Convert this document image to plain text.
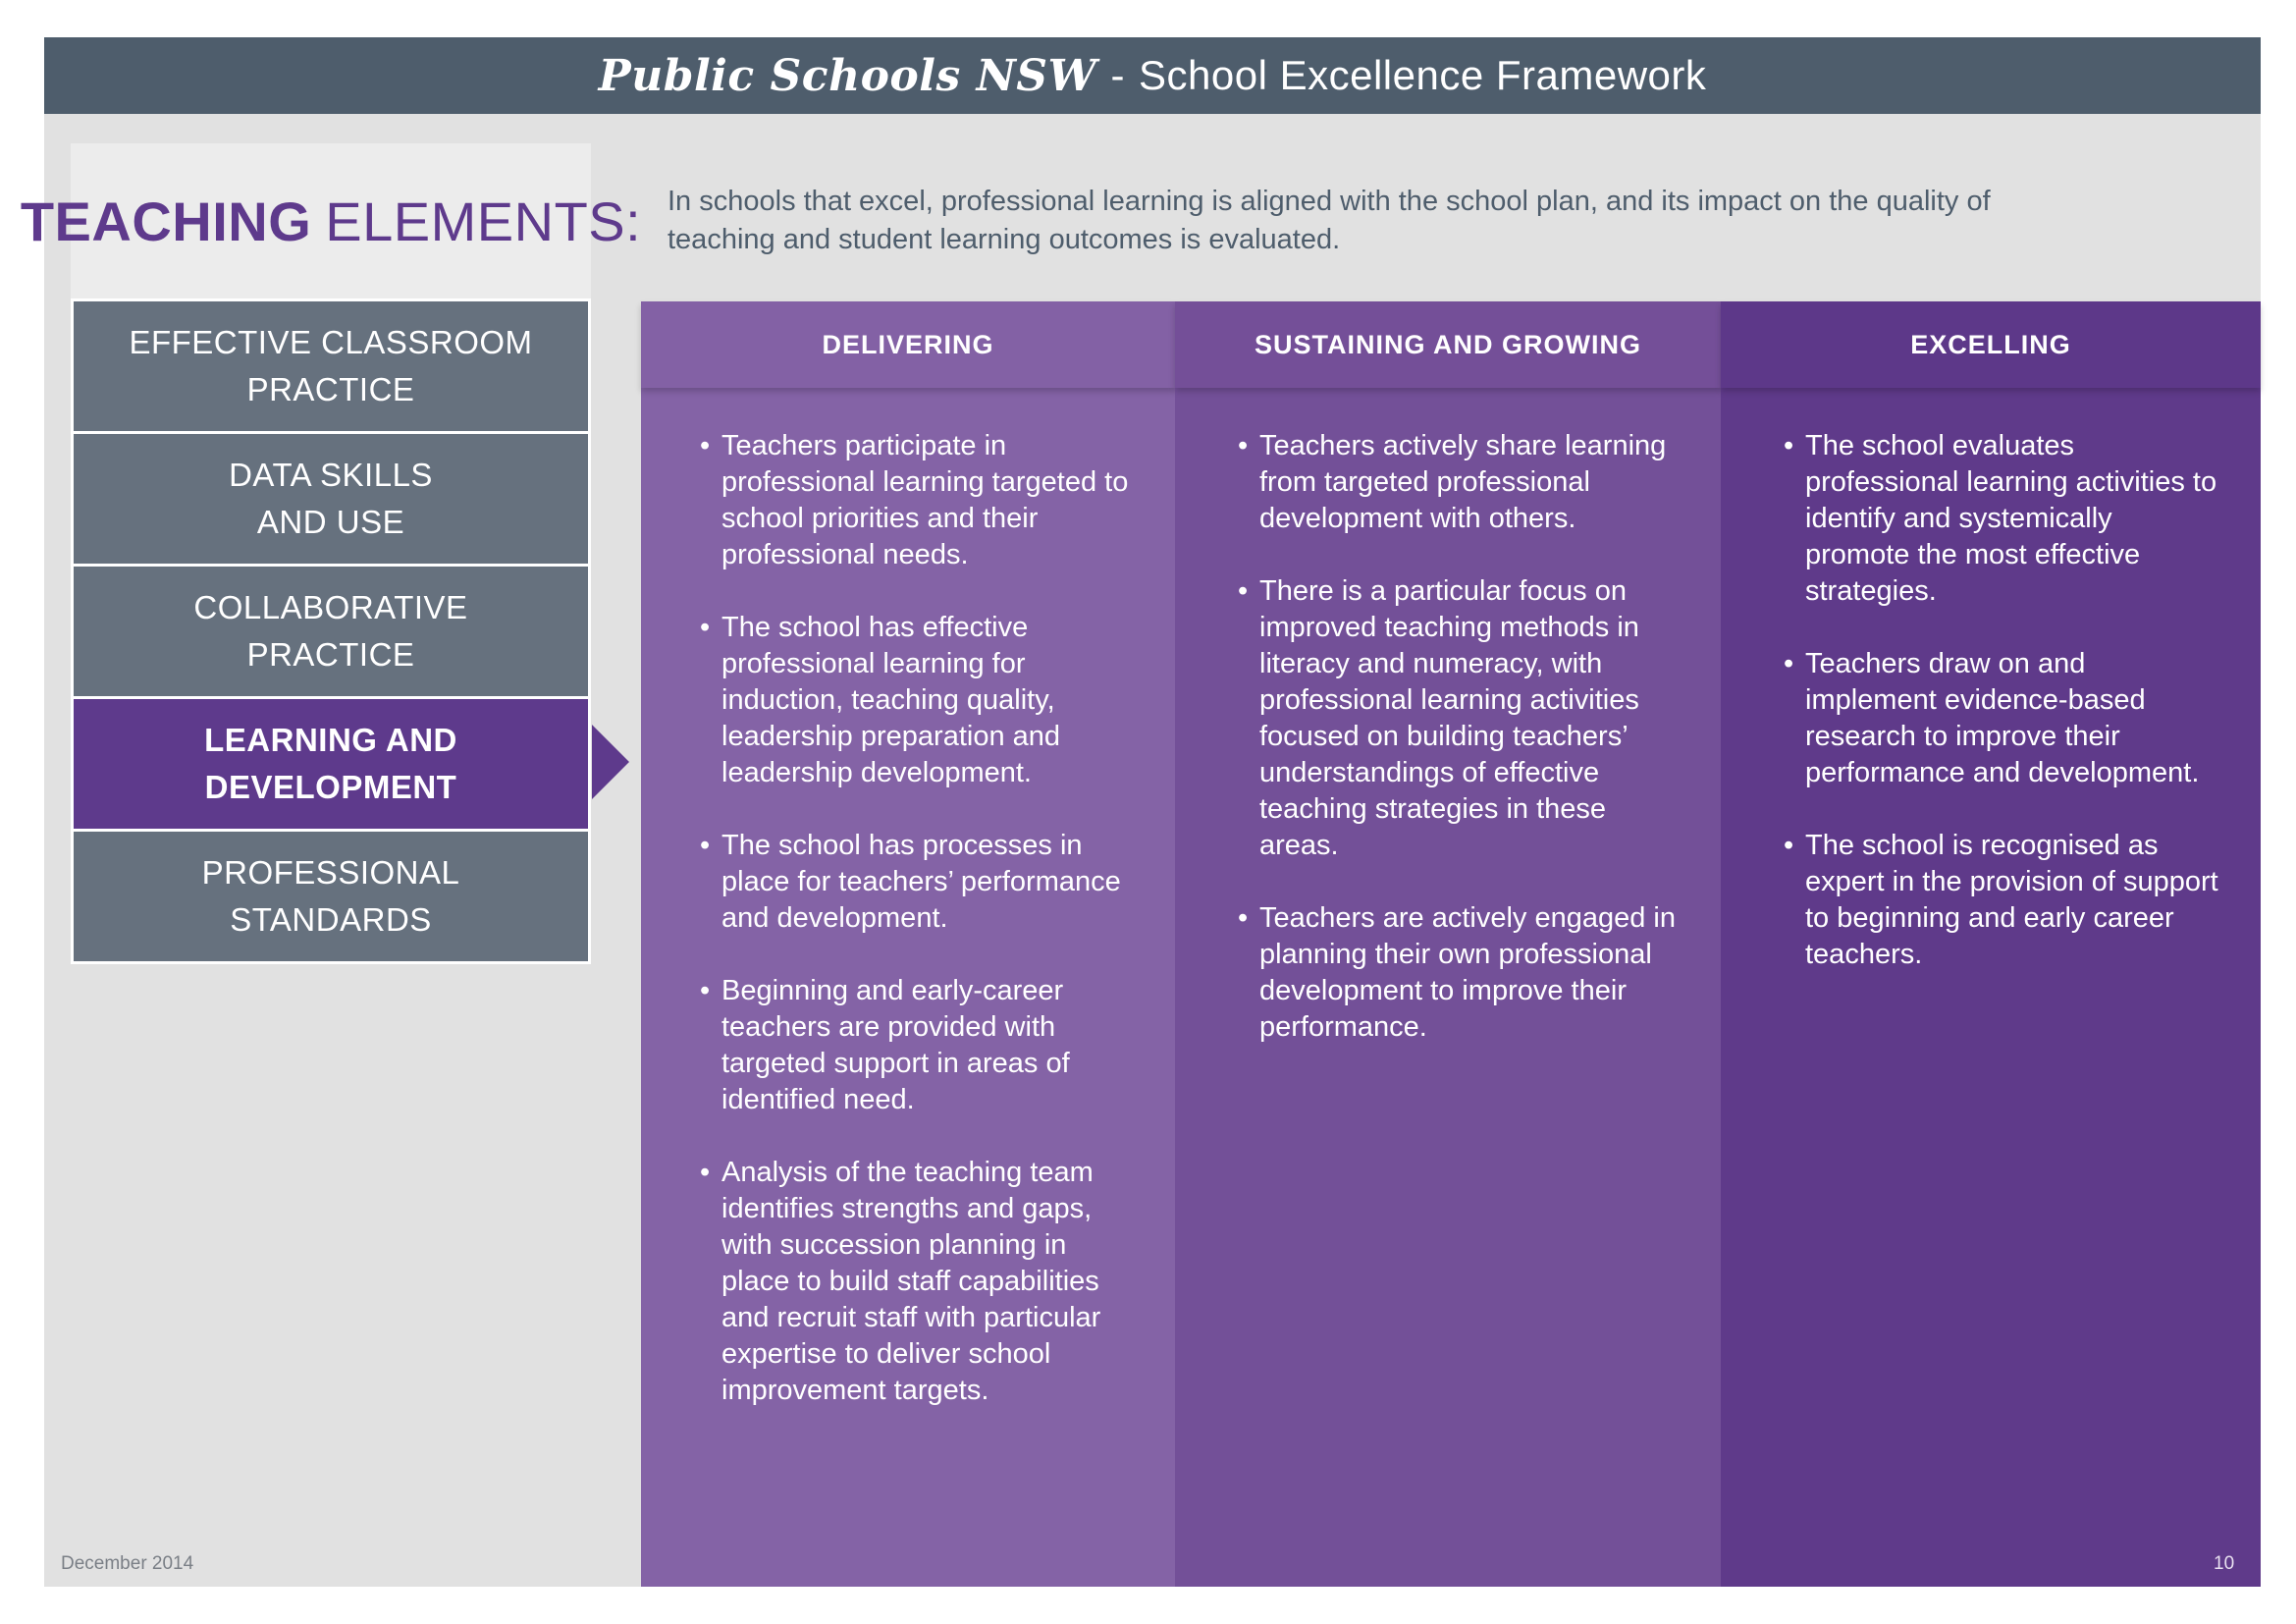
Public Schools NSW - School Excellence Framework
TEACHING ELEMENTS:
EFFECTIVE CLASSROOM
PRACTICE
DATA SKILLS
AND USE
COLLABORATIVE
PRACTICE
LEARNING AND
DEVELOPMENT
PROFESSIONAL
STANDARDS
In schools that excel, professional learning is aligned with the school plan, and its impact on the quality of teaching and student learning outcomes is evaluated.
DELIVERING
• Teachers participate in professional learning targeted to school priorities and their professional needs.
• The school has effective professional learning for induction, teaching quality, leadership preparation and leadership development.
• The school has processes in place for teachers’ performance and development.
• Beginning and early-career teachers are provided with targeted support in areas of identified need.
• Analysis of the teaching team identifies strengths and gaps, with succession planning in place to build staff capabilities and recruit staff with particular expertise to deliver school improvement targets.
SUSTAINING AND GROWING
• Teachers actively share learning from targeted professional development with others.
• There is a particular focus on improved teaching methods in literacy and numeracy, with professional learning activities focused on building teachers’ understandings of effective teaching strategies in these areas.
• Teachers are actively engaged in planning their own professional development to improve their performance.
EXCELLING
• The school evaluates professional learning activities to identify and systemically promote the most effective strategies.
• Teachers draw on and implement evidence-based research to improve their performance and development.
• The school is recognised as expert in the provision of support to beginning and early career teachers.
December 2014	10
